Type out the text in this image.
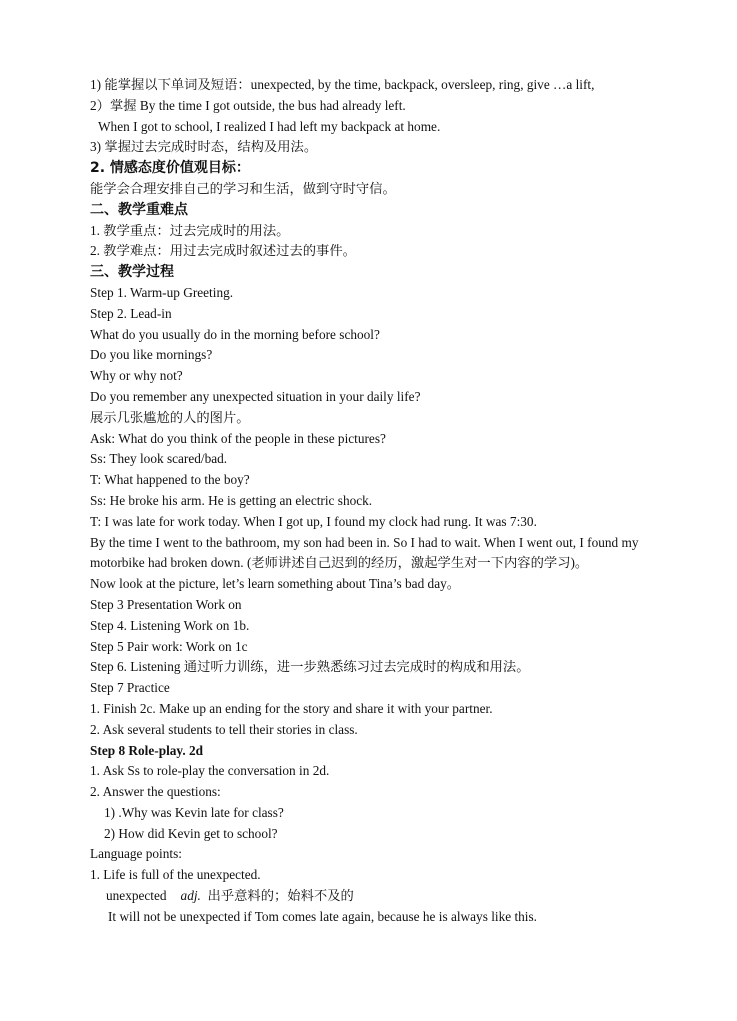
1) 能掌握以下单词及短语：unexpected, by the time, backpack, oversleep, ring, give …a lift,
2）掌握 By the time I got outside, the bus had already left.
When I got to school, I realized I had left my backpack at home.
3) 掌握过去完成时时态，结构及用法。
2. 情感态度价值观目标：
能学会合理安排自己的学习和生活，做到守时守信。
二、教学重难点
1. 教学重点：过去完成时的用法。
2. 教学难点：用过去完成时叙述过去的事件。
三、教学过程
Step 1. Warm-up Greeting.
Step 2. Lead-in
What do you usually do in the morning before school?
Do you like mornings?
Why or why not?
Do you remember any unexpected situation in your daily life?
展示几张尴尬的人的图片。
Ask: What do you think of the people in these pictures?
Ss: They look scared/bad.
T: What happened to the boy?
Ss: He broke his arm. He is getting an electric shock.
T: I was late for work today. When I got up, I found my clock had rung. It was 7:30.
By the time I went to the bathroom, my son had been in. So I had to wait. When I went out, I found my motorbike had broken down. (老师讲述自己迟到的经历，激起学生对一下内容的学习)。
Now look at the picture, let’s learn something about Tina’s bad day。
Step 3 Presentation Work on
Step 4. Listening Work on 1b.
Step 5 Pair work: Work on 1c
Step 6. Listening 通过听力训练，进一步熟悉练习过去完成时的构成和用法。
Step 7 Practice
1. Finish 2c. Make up an ending for the story and share it with your partner.
2. Ask several students to tell their stories in class.
Step 8 Role-play. 2d
1. Ask Ss to role-play the conversation in 2d.
2. Answer the questions:
1) .Why was Kevin late for class?
2) How did Kevin get to school?
Language points:
1. Life is full of the unexpected.
unexpected adj. 出乎意料的；始料不及的
It will not be unexpected if Tom comes late again, because he is always like this.
